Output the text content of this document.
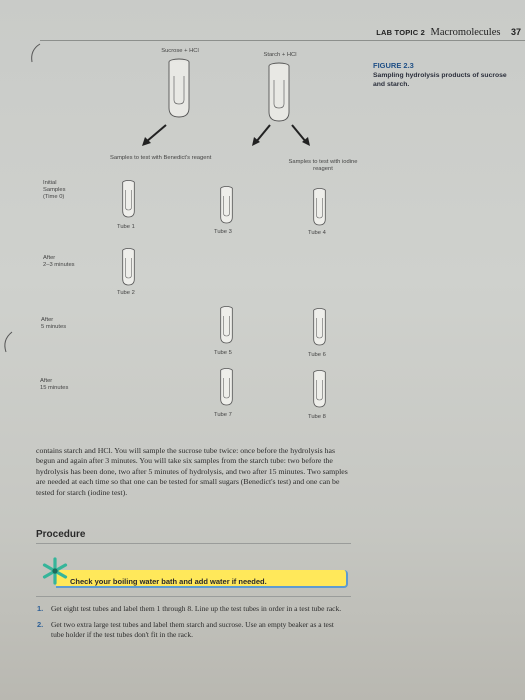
LAB TOPIC 2 Macromolecules 37
FIGURE 2.3
Sampling hydrolysis products of sucrose and starch.
Sucrose + HCl
Starch + HCl
Samples to test with Benedict's reagent
Samples to test with iodine reagent
Initial
Samples
(Time 0)
After
2–3 minutes
After
5 minutes
After
15 minutes
Tube 1
Tube 3	Tube 4
Tube 2
Tube 5	Tube 6
Tube 7	Tube 8
contains starch and HCl. You will sample the sucrose tube twice: once before the hydrolysis has begun and again after 3 minutes. You will take six samples from the starch tube: two before the hydrolysis has been done, two after 5 minutes of hydrolysis, and two after 15 minutes. Two samples are needed at each time so that one can be tested for small sugars (Benedict's test) and one can be tested for starch (iodine test).
Procedure
Check your boiling water bath and add water if needed.
1.	Get eight test tubes and label them 1 through 8. Line up the test tubes in order in a test tube rack.
2.	Get two extra large test tubes and label them starch and sucrose. Use an empty beaker as a test tube holder if the test tubes don't fit in the rack.
